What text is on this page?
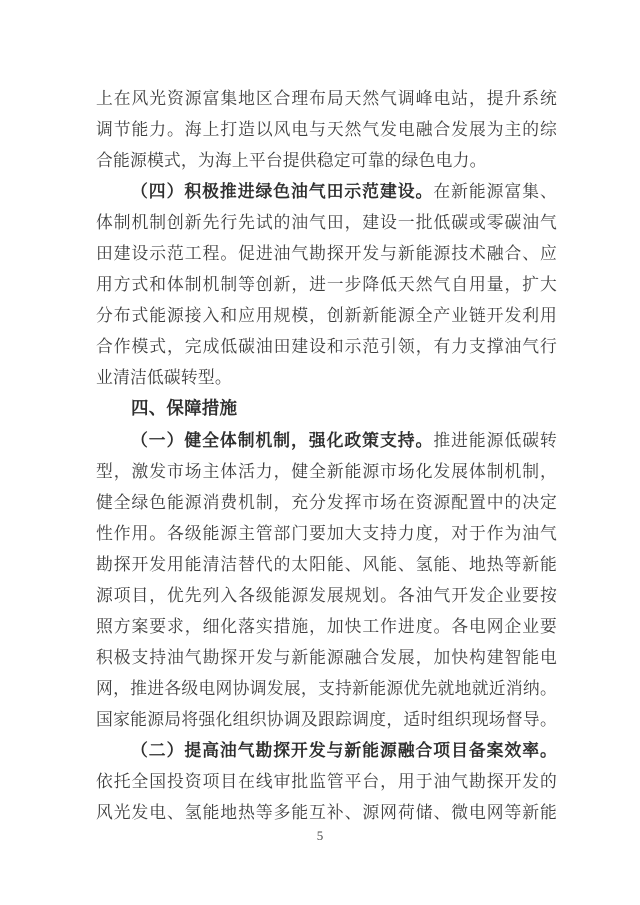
上在风光资源富集地区合理布局天然气调峰电站，提升系统
调节能力。海上打造以风电与天然气发电融合发展为主的综
合能源模式，为海上平台提供稳定可靠的绿色电力。
（四）积极推进绿色油气田示范建设。在新能源富集、
体制机制创新先行先试的油气田，建设一批低碳或零碳油气
田建设示范工程。促进油气勘探开发与新能源技术融合、应
用方式和体制机制等创新，进一步降低天然气自用量，扩大
分布式能源接入和应用规模，创新新能源全产业链开发利用
合作模式，完成低碳油田建设和示范引领，有力支撑油气行
业清洁低碳转型。
四、保障措施
（一）健全体制机制，强化政策支持。推进能源低碳转
型，激发市场主体活力，健全新能源市场化发展体制机制，
健全绿色能源消费机制，充分发挥市场在资源配置中的决定
性作用。各级能源主管部门要加大支持力度，对于作为油气
勘探开发用能清洁替代的太阳能、风能、氢能、地热等新能
源项目，优先列入各级能源发展规划。各油气开发企业要按
照方案要求，细化落实措施，加快工作进度。各电网企业要
积极支持油气勘探开发与新能源融合发展，加快构建智能电
网，推进各级电网协调发展，支持新能源优先就地就近消纳。
国家能源局将强化组织协调及跟踪调度，适时组织现场督导。
（二）提高油气勘探开发与新能源融合项目备案效率。
依托全国投资项目在线审批监管平台，用于油气勘探开发的
风光发电、氢能地热等多能互补、源网荷储、微电网等新能
5
